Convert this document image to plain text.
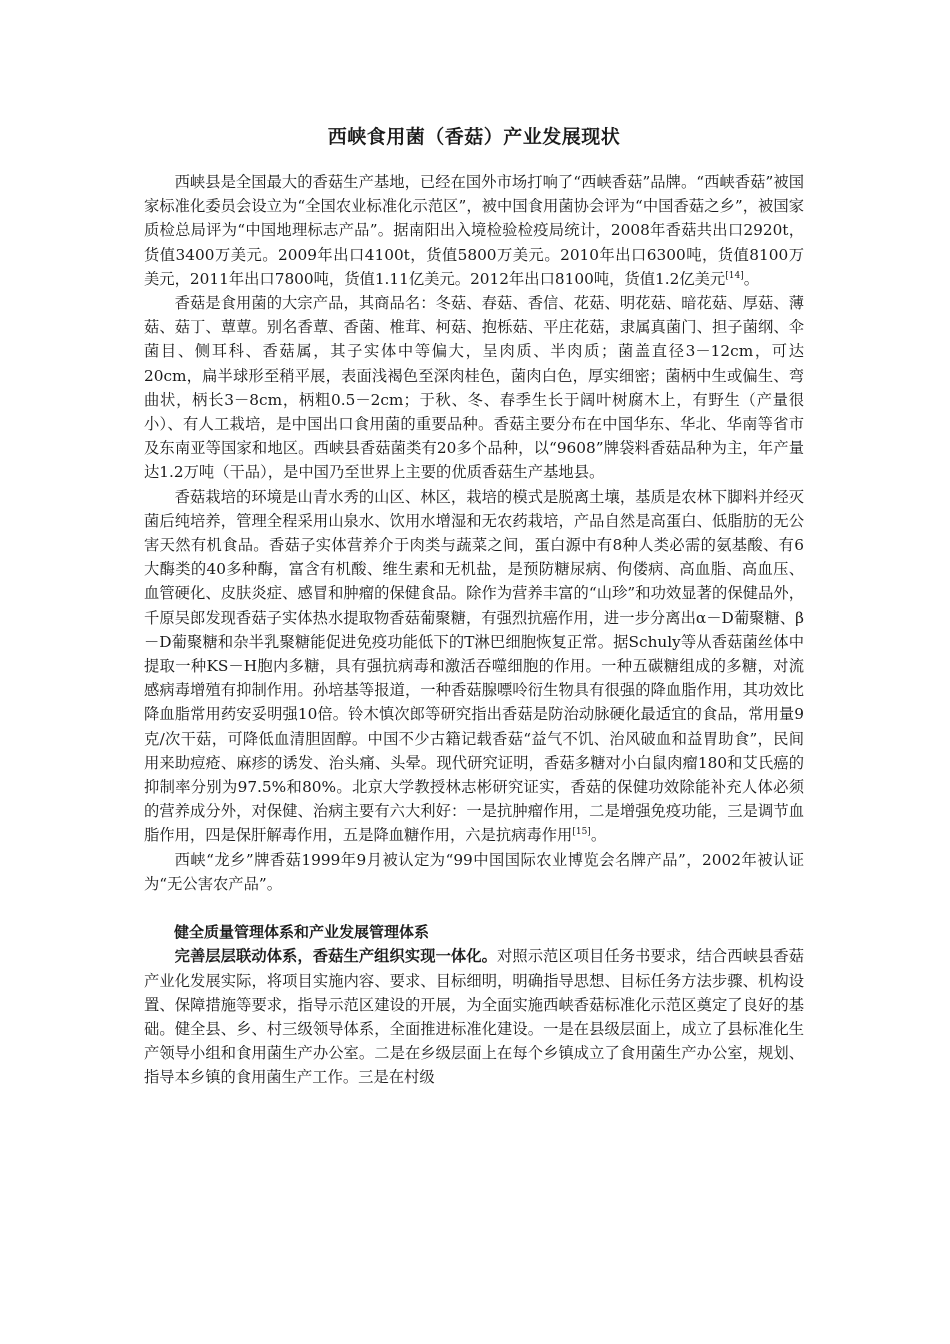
西峡食用菌（香菇）产业发展现状

西峡县是全国最大的香菇生产基地，已经在国外市场打响了“西峡香菇”品牌。“西峡香菇”被国家标准化委员会设立为“全国农业标准化示范区”，被中国食用菌协会评为“中国香菇之乡”，被国家质检总局评为“中国地理标志产品”。据南阳出入境检验检疫局统计，2008年香菇共出口2920t，货值3400万美元。2009年出口4100t，货值5800万美元。2010年出口6300吨，货值8100万美元，2011年出口7800吨，货值1.11亿美元。2012年出口8100吨，货值1.2亿美元[14]。

香菇是食用菌的大宗产品，其商品名：冬菇、春菇、香信、花菇、明花菇、暗花菇、厚菇、薄菇、菇丁、蕈蕈。别名香蕈、香菌、椎茸、柯菇、抱栎菇、平庄花菇，隶属真菌门、担子菌纲、伞菌目、侧耳科、香菇属，其子实体中等偏大，呈肉质、半肉质；菌盖直径3－12cm，可达20cm，扁半球形至稍平展，表面浅褐色至深肉桂色，菌肉白色，厚实细密；菌柄中生或偏生、弯曲状，柄长3－8cm，柄粗0.5－2cm；于秋、冬、春季生长于阔叶树腐木上，有野生（产量很小）、有人工栽培，是中国出口食用菌的重要品种。香菇主要分布在中国华东、华北、华南等省市及东南亚等国家和地区。西峡县香菇菌类有20多个品种，以“9608”牌袋料香菇品种为主，年产量达1.2万吨（干品），是中国乃至世界上主要的优质香菇生产基地县。

香菇栽培的环境是山青水秀的山区、林区，栽培的模式是脱离土壤，基质是农林下脚料并经灭菌后纯培养，管理全程采用山泉水、饮用水增湿和无农药栽培，产品自然是高蛋白、低脂肪的无公害天然有机食品。香菇子实体营养介于肉类与蔬菜之间，蛋白源中有8种人类必需的氨基酸、有6大酶类的40多种酶，富含有机酸、维生素和无机盐，是预防糖尿病、佝偻病、高血脂、高血压、血管硬化、皮肤炎症、感冒和肿瘤的保健食品。除作为营养丰富的“山珍”和功效显著的保健品外，千原吴郎发现香菇子实体热水提取物香菇葡聚糖，有强烈抗癌作用，进一步分离出α－D葡聚糖、β－D葡聚糖和杂半乳聚糖能促进免疫功能低下的T淋巴细胞恢复正常。据Schuly等从香菇菌丝体中提取一种KS－H胞内多糖，具有强抗病毒和激活吞噬细胞的作用。一种五碳糖组成的多糖，对流感病毒增殖有抑制作用。孙培基等报道，一种香菇腺嘌呤衍生物具有很强的降血脂作用，其功效比降血脂常用药安妥明强10倍。铃木慎次郎等研究指出香菇是防治动脉硬化最适宜的食品，常用量9克/次干菇，可降低血清胆固醇。中国不少古籍记载香菇“益气不饥、治风破血和益胃助食”，民间用来助痘疮、麻疹的诱发、治头痛、头晕。现代研究证明，香菇多糖对小白鼠肉瘤180和艾氏癌的抑制率分别为97.5%和80%。北京大学教授林志彬研究证实，香菇的保健功效除能补充人体必须的营养成分外，对保健、治病主要有六大利好：一是抗肿瘤作用，二是增强免疫功能，三是调节血脂作用，四是保肝解毒作用，五是降血糖作用，六是抗病毒作用[15]。

西峡“龙乡”牌香菇1999年9月被认定为“99中国国际农业博览会名牌产品”，2002年被认证为“无公害农产品”。

健全质量管理体系和产业发展管理体系

完善层层联动体系，香菇生产组织实现一体化。对照示范区项目任务书要求，结合西峡县香菇产业化发展实际，将项目实施内容、要求、目标细明，明确指导思想、目标任务方法步骤、机构设置、保障措施等要求，指导示范区建设的开展，为全面实施西峡香菇标准化示范区奠定了良好的基础。健全县、乡、村三级领导体系，全面推进标准化建设。一是在县级层面上，成立了县标准化生产领导小组和食用菌生产办公室。二是在乡级层面上在每个乡镇成立了食用菌生产办公室，规划、指导本乡镇的食用菌生产工作。三是在村级
